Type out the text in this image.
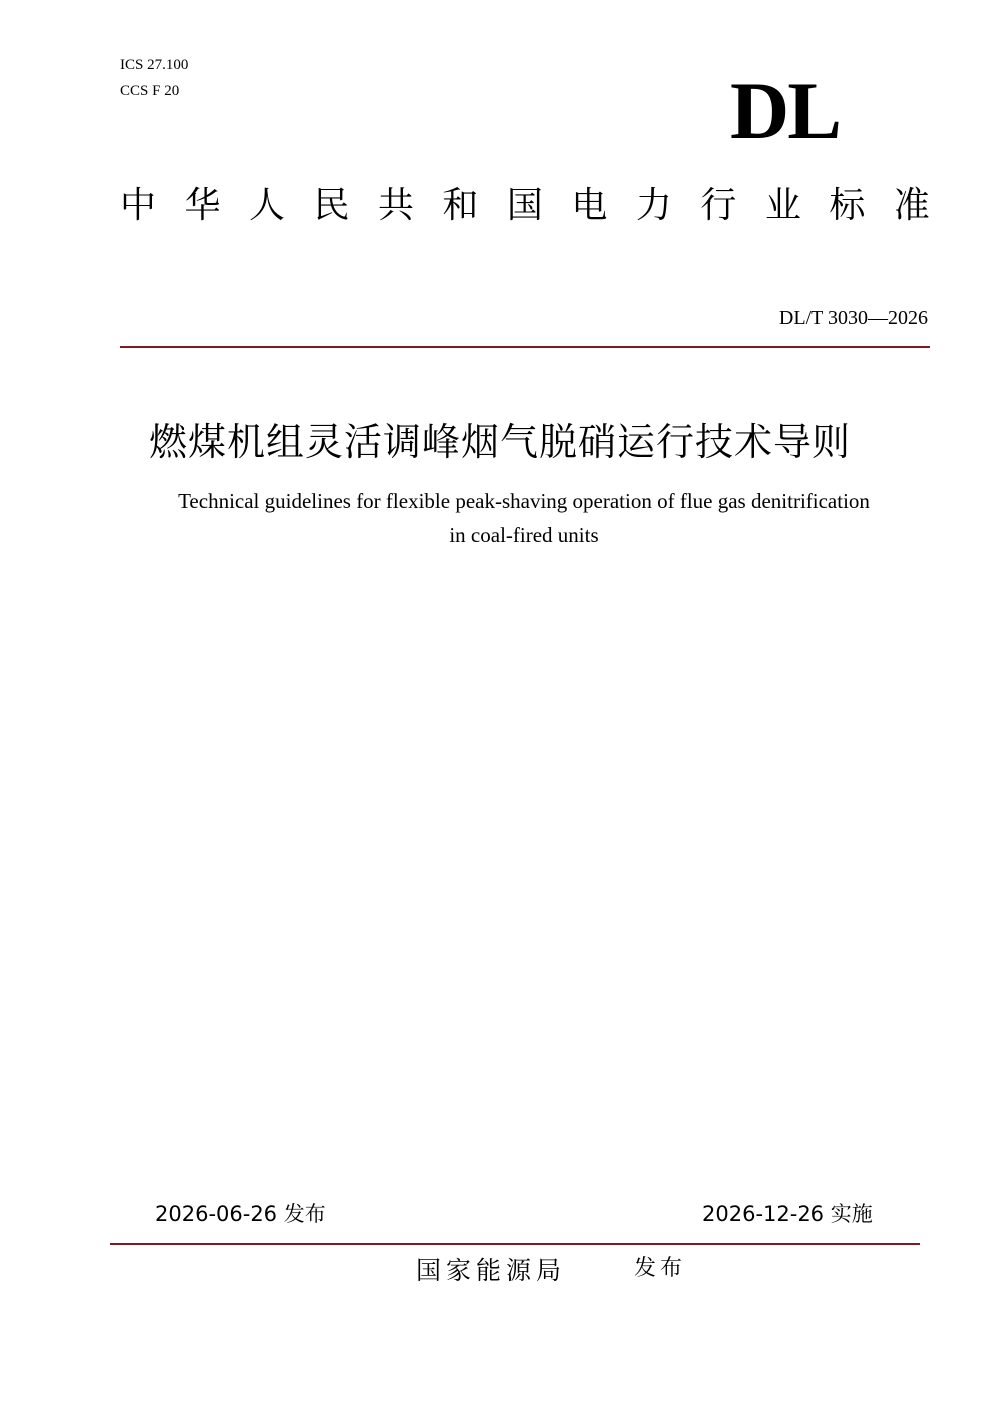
ICS 27.100
CCS F 20	DL
中 华 人 民 共 和 国 电 力 行 业 标 准
DL/T 3030—2026
燃煤机组灵活调峰烟气脱硝运行技术导则
Technical guidelines for flexible peak-shaving operation of flue gas denitrification
in coal-fired units
2026-06-26 发布	2026-12-26 实施
国家能源局	发布
